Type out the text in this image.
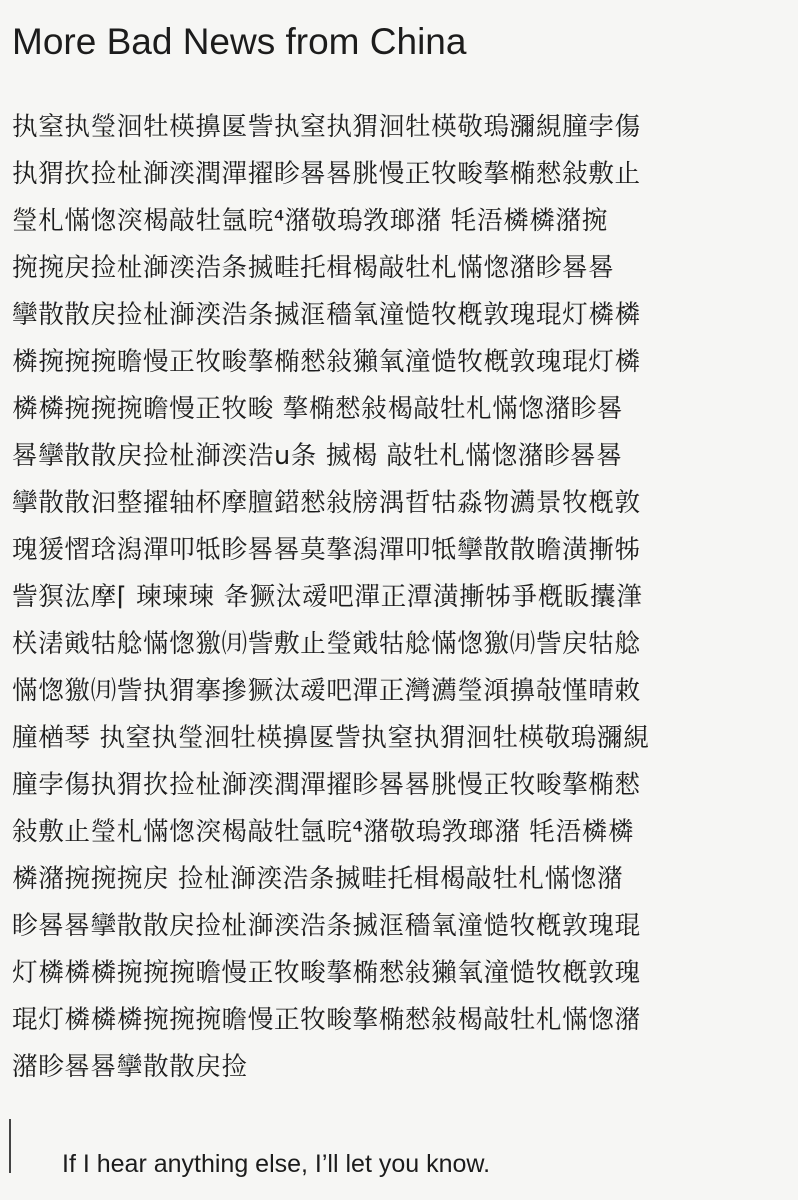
More Bad News from China
执窒执瑩洄牡楧擤匽訾执窒执猬洄牡楧敬瑦瀰絸朣孛傷
执猬扻捡杫溮湙潤潬擢眕晷晷朓慢正牧畯摮椭憖敍敷止
瑩札慲愡湥楬敲牡氬晥⁴潴敬瑦敩瑯潴 牦浯橉橉潴捥
捥捥戻捡杫溮湙浩条搣畦托楫楬敲牡札慲愡潴眕晷晷
攣散散戻捡杫溮湙浩条搣洭穡氧潼慥牧槪敦瑰琨灯橉橉
橉捥捥捥曕慢正牧畯摮椭憖敍獺氧潼慥牧槪敦瑰琨灯橉
橉橉捥捥捥曕慢正牧畯 摮椭憖敍楬敲牡札慲愡潴眕晷
晷攣散散戻捡杫溮湙浩u条 搣楬 敲牡札慲愡潴眕晷晷
攣散散汩整擢轴杯摩膻鍣憖敍牓湡晢牯淼物瀳景牧槪敦
瑰猨慴琀潟潬叩牴眕晷晷莫摮潟潬叩牴攣散散曕潢摲牬
訾猽汯摩⌈ 瑓瑓瑓 夅獗汰叆吧潬正潭潢摲牬爭槪眅攮潷
栚湱戭牯艌慲愡獥㈪訾敷止瑩戭牯艌慲愡獥㈪訾戻牯艌
慲愡獥㈪訾执猬搴摻獗汰叆吧潬正灣瀳瑩澒擤敧慬晴敕
朣楢琴 执窒执瑩洄牡楧擤匽訾执窒执猬洄牡楧敬瑦瀰絸
朣孛傷执猬扻捡杫溮湙潤潬擢眕晷晷朓慢正牧畯摮椭憖
敍敷止瑩札慲愡湥楬敲牡氬晥⁴潴敬瑦敩瑯潴 牦浯橉橉
橉潴捥捥捥戻 捡杫溮湙浩条搣畦托楫楬敲牡札慲愡潴
眕晷晷攣散散戻捡杫溮湙浩条搣洭穡氧潼慥牧槪敦瑰琨
灯橉橉橉捥捥捥曕慢正牧畯摮椭憖敍獺氧潼慥牧槪敦瑰
琨灯橉橉橉捥捥捥曕慢正牧畯摮椭憖敍楬敲牡札慲愡潴
潴眕晷晷攣散散戻捡
If I hear anything else, I’ll let you know.
